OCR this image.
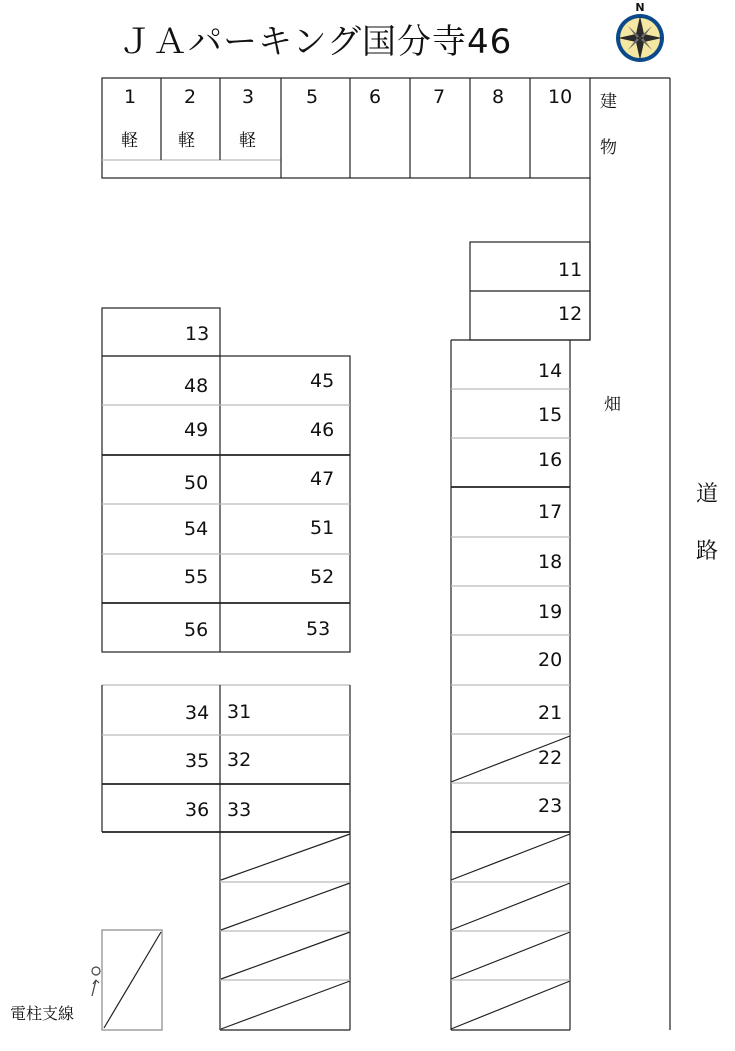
N
ＪＡパーキング国分寺46
1	2 3
軽 軽	軽
5	6	7 8 10 建
物
畑
道
路
電柱支線
11
12
13
48	45
49	46
50	47
54	51
55	52
56	53
34 31
35 32
36 33
14
15
16
17
18
19
20
21
22
23
